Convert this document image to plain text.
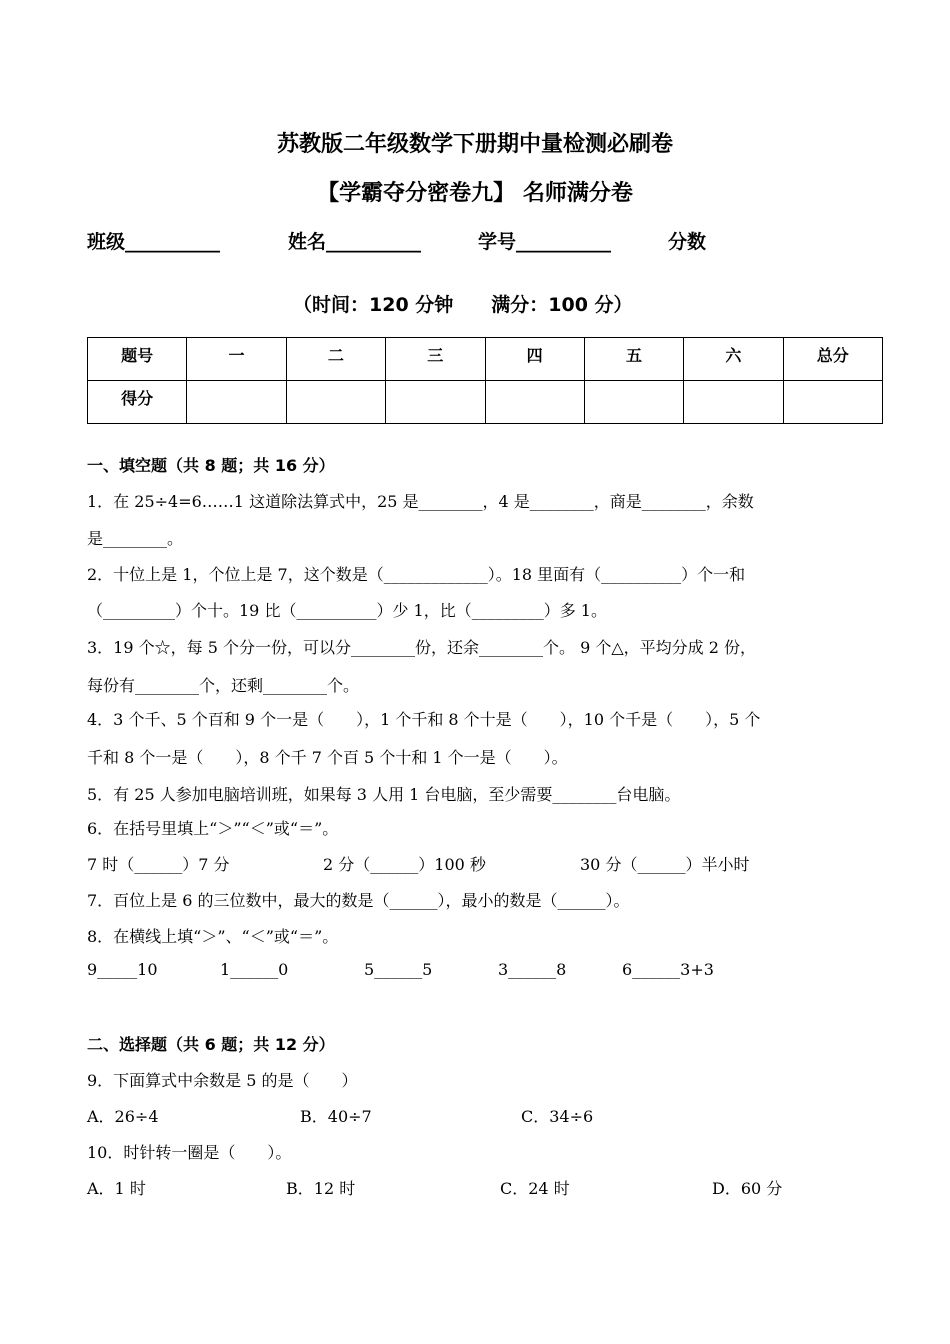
苏教版二年级数学下册期中量检测必刷卷
【学霸夺分密卷九】 名师满分卷
班级__________	姓名__________	学号__________	分数
（时间：120 分钟　　满分：100 分）
题号	一	二	三	四	五	六	总分
得分							
一、填空题（共 8 题；共 16 分）
1．在 25÷4=6……1 这道除法算式中，25 是________，4 是________，商是________，余数
是________。
2．十位上是 1，个位上是 7，这个数是（_____________）。18 里面有（__________）个一和
（_________）个十。19 比（__________）少 1，比（_________）多 1。
3．19 个☆，每 5 个分一份，可以分________份，还余________个。 9 个△，平均分成 2 份，
每份有________个，还剩________个。
4．3 个千、5 个百和 9 个一是（　　），1 个千和 8 个十是（　　），10 个千是（　　），5 个
千和 8 个一是（　　），8 个千 7 个百 5 个十和 1 个一是（　　）。
5．有 25 人参加电脑培训班，如果每 3 人用 1 台电脑，至少需要________台电脑。
6．在括号里填上“＞”“＜”或“＝”。
7 时（______）7 分	2 分（______）100 秒	30 分（______）半小时
7．百位上是 6 的三位数中，最大的数是（______），最小的数是（______）。
8．在横线上填“＞”、“＜”或“＝”。
9_____10	1______0	5______5	3______8	6______3+3
二、选择题（共 6 题；共 12 分）
9．下面算式中余数是 5 的是（　　）
A．26÷4	B．40÷7	C．34÷6
10．时针转一圈是（　　）。
A．1 时	B．12 时	C．24 时	D．60 分
